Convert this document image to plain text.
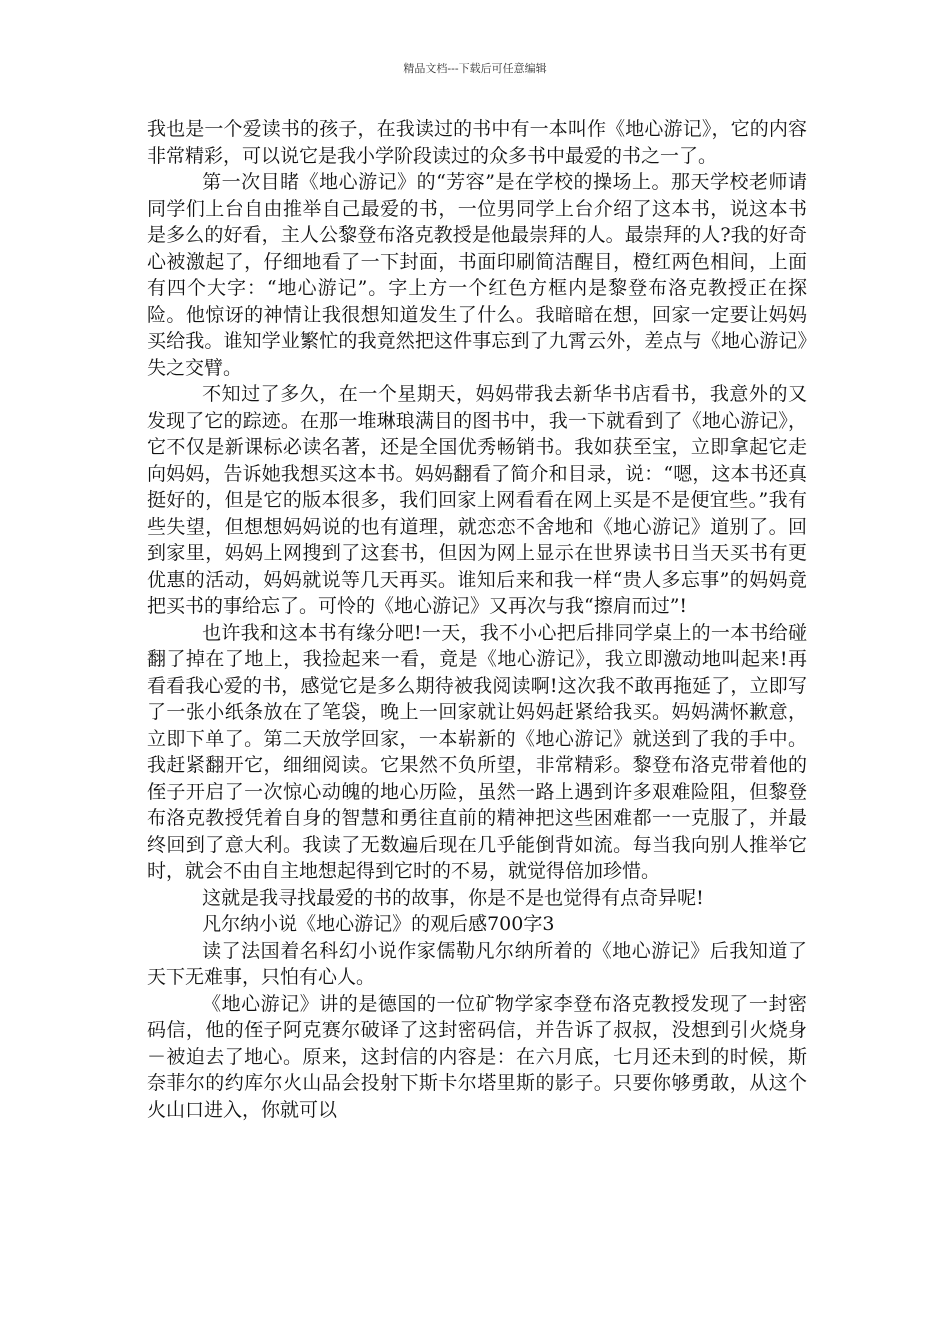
精品文档---下载后可任意编辑

我也是一个爱读书的孩子，在我读过的书中有一本叫作《地心游记》，它的内容非常精彩，可以说它是我小学阶段读过的众多书中最爱的书之一了。

第一次目睹《地心游记》的“芳容”是在学校的操场上。那天学校老师请同学们上台自由推举自己最爱的书，一位男同学上台介绍了这本书，说这本书是多么的好看，主人公黎登布洛克教授是他最崇拜的人。最崇拜的人?我的好奇心被激起了，仔细地看了一下封面，书面印刷简洁醒目，橙红两色相间，上面有四个大字：“地心游记”。字上方一个红色方框内是黎登布洛克教授正在探险。他惊讶的神情让我很想知道发生了什么。我暗暗在想，回家一定要让妈妈买给我。谁知学业繁忙的我竟然把这件事忘到了九霄云外，差点与《地心游记》失之交臂。

不知过了多久，在一个星期天，妈妈带我去新华书店看书，我意外的又发现了它的踪迹。在那一堆琳琅满目的图书中，我一下就看到了《地心游记》，它不仅是新课标必读名著，还是全国优秀畅销书。我如获至宝，立即拿起它走向妈妈，告诉她我想买这本书。妈妈翻看了简介和目录，说：“嗯，这本书还真挺好的，但是它的版本很多，我们回家上网看看在网上买是不是便宜些。”我有些失望，但想想妈妈说的也有道理，就恋恋不舍地和《地心游记》道别了。回到家里，妈妈上网搜到了这套书，但因为网上显示在世界读书日当天买书有更优惠的活动，妈妈就说等几天再买。谁知后来和我一样“贵人多忘事”的妈妈竟把买书的事给忘了。可怜的《地心游记》又再次与我“擦肩而过”!

也许我和这本书有缘分吧!一天，我不小心把后排同学桌上的一本书给碰翻了掉在了地上，我捡起来一看，竟是《地心游记》，我立即激动地叫起来!再看看我心爱的书，感觉它是多么期待被我阅读啊!这次我不敢再拖延了，立即写了一张小纸条放在了笔袋，晚上一回家就让妈妈赶紧给我买。妈妈满怀歉意，立即下单了。第二天放学回家，一本崭新的《地心游记》就送到了我的手中。我赶紧翻开它，细细阅读。它果然不负所望，非常精彩。黎登布洛克带着他的侄子开启了一次惊心动魄的地心历险，虽然一路上遇到许多艰难险阻，但黎登布洛克教授凭着自身的智慧和勇往直前的精神把这些困难都一一克服了，并最终回到了意大利。我读了无数遍后现在几乎能倒背如流。每当我向别人推举它时，就会不由自主地想起得到它时的不易，就觉得倍加珍惜。

这就是我寻找最爱的书的故事，你是不是也觉得有点奇异呢!

凡尔纳小说《地心游记》的观后感700字3

读了法国着名科幻小说作家儒勒凡尔纳所着的《地心游记》后我知道了天下无难事，只怕有心人。

《地心游记》讲的是德国的一位矿物学家李登布洛克教授发现了一封密码信，他的侄子阿克赛尔破译了这封密码信，并告诉了叔叔，没想到引火烧身－被迫去了地心。原来，这封信的内容是：在六月底，七月还未到的时候，斯奈菲尔的约库尔火山品会投射下斯卡尔塔里斯的影子。只要你够勇敢，从这个火山口进入，你就可以
